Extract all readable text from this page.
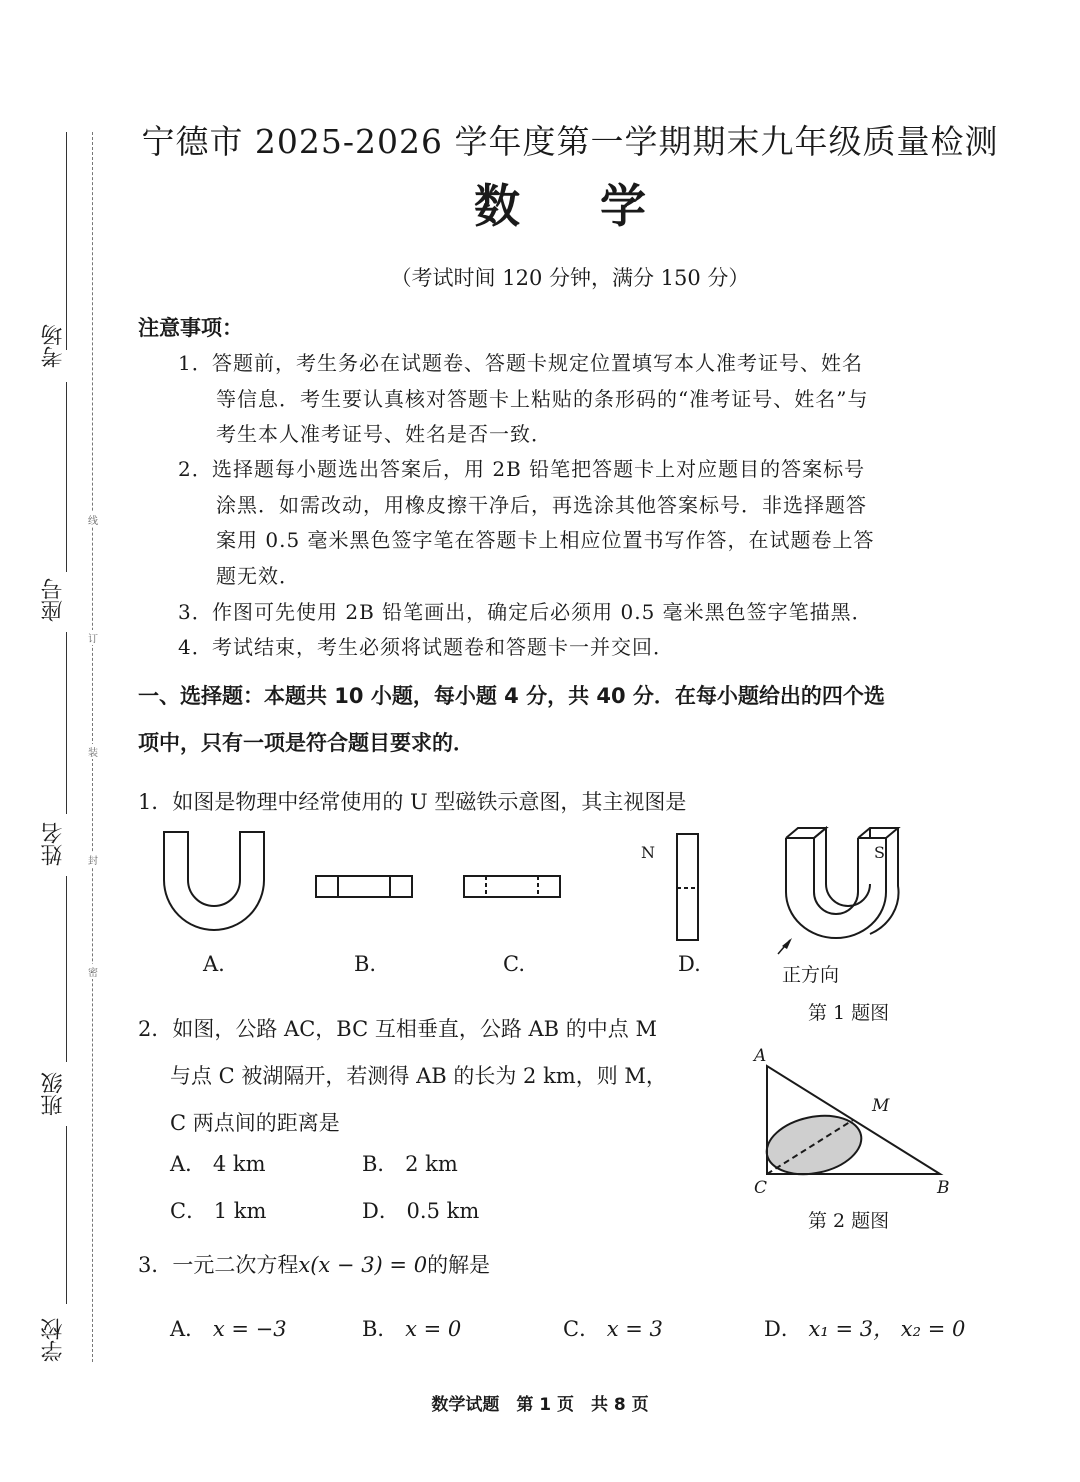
考场
座号
姓名
班级
学校
线
订
装
封
密
宁德市 2025-2026 学年度第一学期期末九年级质量检测
数学
（考试时间 120 分钟，满分 150 分）
注意事项：
1．答题前，考生务必在试题卷、答题卡规定位置填写本人准考证号、姓名
等信息．考生要认真核对答题卡上粘贴的条形码的“准考证号、姓名”与
考生本人准考证号、姓名是否一致．
2．选择题每小题选出答案后，用 2B 铅笔把答题卡上对应题目的答案标号
涂黑．如需改动，用橡皮擦干净后，再选涂其他答案标号．非选择题答
案用 0.5 毫米黑色签字笔在答题卡上相应位置书写作答，在试题卷上答
题无效．
3．作图可先使用 2B 铅笔画出，确定后必须用 0.5 毫米黑色签字笔描黑．
4．考试结束，考生必须将试题卷和答题卡一并交回．
一、选择题：本题共 10 小题，每小题 4 分，共 40 分．在每小题给出的四个选
项中，只有一项是符合题目要求的．
1．如图是物理中经常使用的 U 型磁铁示意图，其主视图是
N	S
A.	B.	C.	D.	正方向
第 1 题图
2．如图，公路 AC，BC 互相垂直，公路 AB 的中点 M
与点 C 被湖隔开，若测得 AB 的长为 2 km，则 M，
C 两点间的距离是
A． 4 km	B． 2 km
C． 1 km	D． 0.5 km
A
M
C	B
第 2 题图
3．一元二次方程x(x − 3) = 0的解是
A． x = −3	B． x = 0	C． x = 3	D． x₁ = 3， x₂ = 0
数学试题　第 1 页　共 8 页
